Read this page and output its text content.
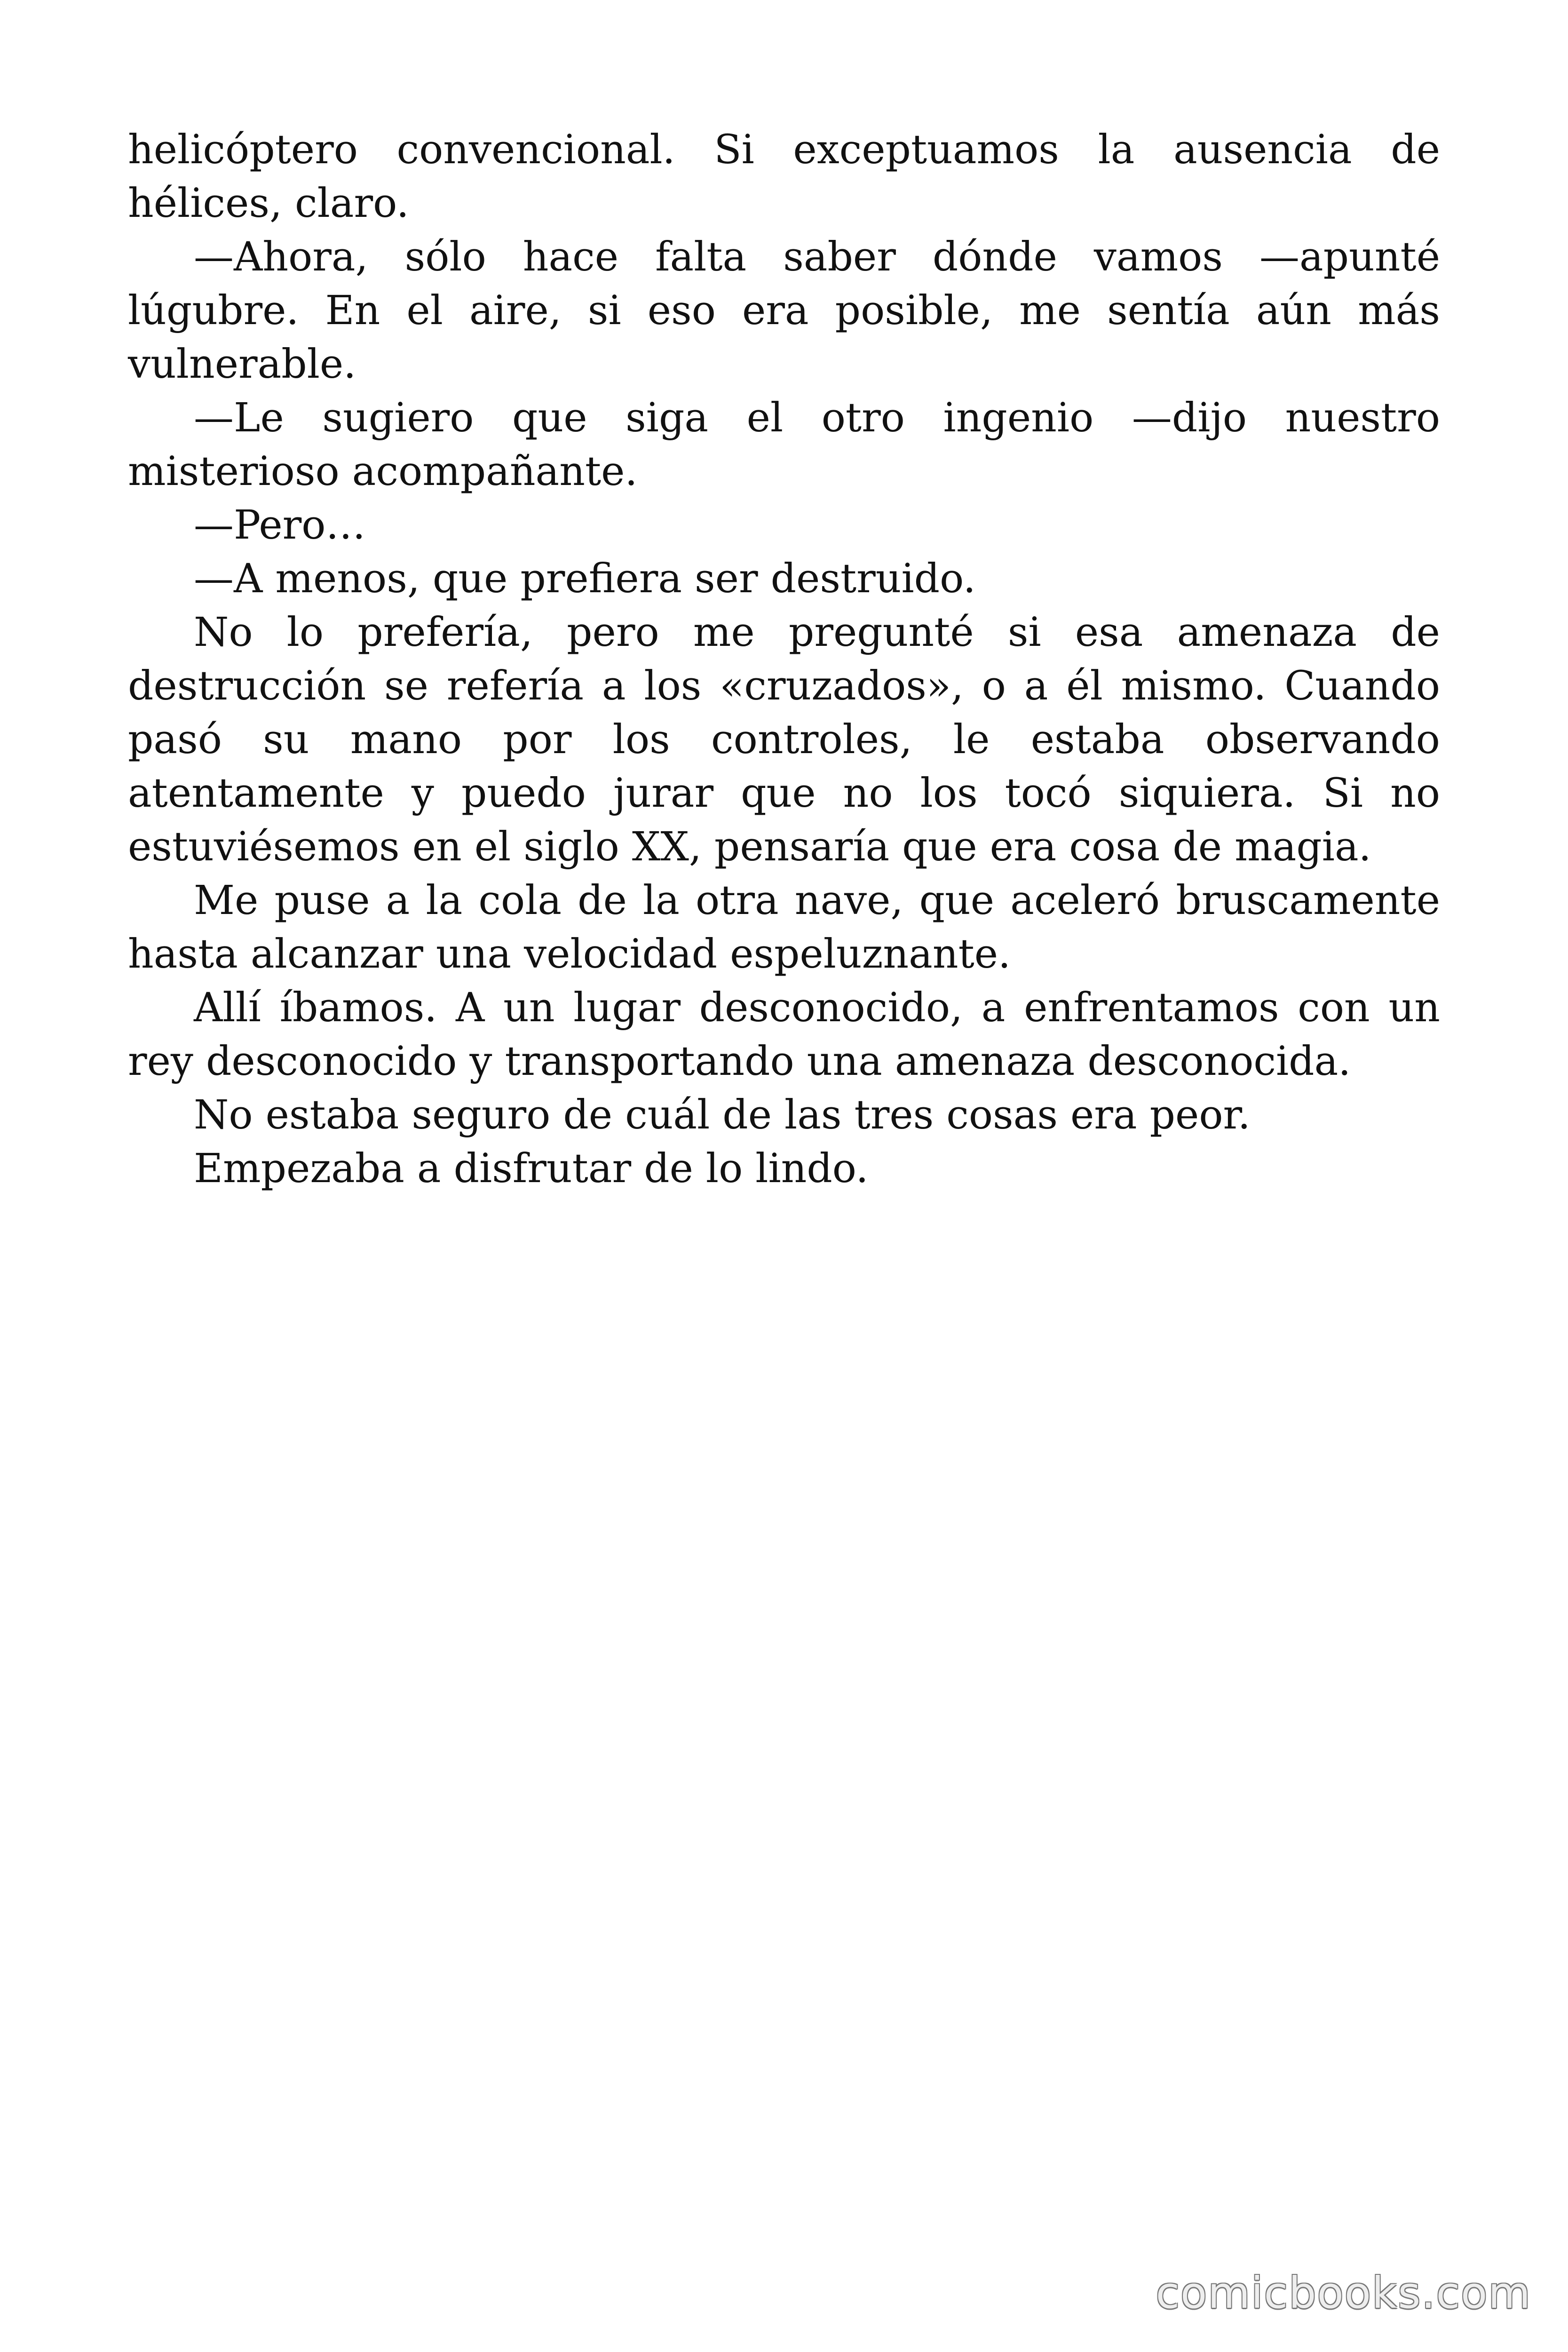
helicóptero convencional. Si exceptuamos la ausencia de hélices, claro.

—Ahora, sólo hace falta saber dónde vamos —apunté lúgubre. En el aire, si eso era posible, me sentía aún más vulnerable.

—Le sugiero que siga el otro ingenio —dijo nuestro misterioso acompañante.

—Pero…

—A menos, que prefiera ser destruido.

No lo prefería, pero me pregunté si esa amenaza de destrucción se refería a los «cruzados», o a él mismo. Cuando pasó su mano por los controles, le estaba observando atentamente y puedo jurar que no los tocó siquiera. Si no estuviésemos en el siglo XX, pensaría que era cosa de magia.

Me puse a la cola de la otra nave, que aceleró bruscamente hasta alcanzar una velocidad espeluznante.

Allí íbamos. A un lugar desconocido, a enfrentamos con un rey desconocido y transportando una amenaza desconocida.

No estaba seguro de cuál de las tres cosas era peor.

Empezaba a disfrutar de lo lindo.

comicbooks.com
